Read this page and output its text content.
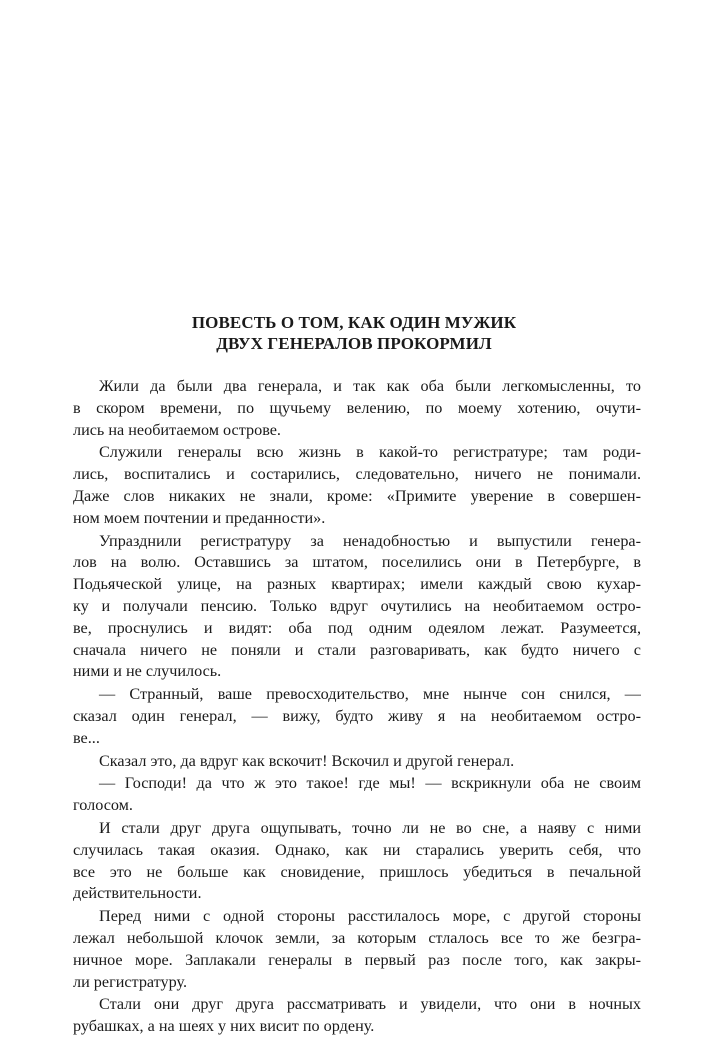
ПОВЕСТЬ О ТОМ, КАК ОДИН МУЖИК
ДВУХ ГЕНЕРАЛОВ ПРОКОРМИЛ
Жили да были два генерала, и так как оба были легкомысленны, то
в скором времени, по щучьему велению, по моему хотению, очути-
лись на необитаемом острове.
Служили генералы всю жизнь в какой-то регистратуре; там роди-
лись, воспитались и состарились, следовательно, ничего не понимали.
Даже слов никаких не знали, кроме: «Примите уверение в совершен-
ном моем почтении и преданности».
Упразднили регистратуру за ненадобностью и выпустили генера-
лов на волю. Оставшись за штатом, поселились они в Петербурге, в
Подьяческой улице, на разных квартирах; имели каждый свою кухар-
ку и получали пенсию. Только вдруг очутились на необитаемом остро-
ве, проснулись и видят: оба под одним одеялом лежат. Разумеется,
сначала ничего не поняли и стали разговаривать, как будто ничего с
ними и не случилось.
— Странный, ваше превосходительство, мне нынче сон снился, —
сказал один генерал, — вижу, будто живу я на необитаемом остро-
ве...
Сказал это, да вдруг как вскочит! Вскочил и другой генерал.
— Господи! да что ж это такое! где мы! — вскрикнули оба не своим
голосом.
И стали друг друга ощупывать, точно ли не во сне, а наяву с ними
случилась такая оказия. Однако, как ни старались уверить себя, что
все это не больше как сновидение, пришлось убедиться в печальной
действительности.
Перед ними с одной стороны расстилалось море, с другой стороны
лежал небольшой клочок земли, за которым стлалось все то же безгра-
ничное море. Заплакали генералы в первый раз после того, как закры-
ли регистратуру.
Стали они друг друга рассматривать и увидели, что они в ночных
рубашках, а на шеях у них висит по ордену.
